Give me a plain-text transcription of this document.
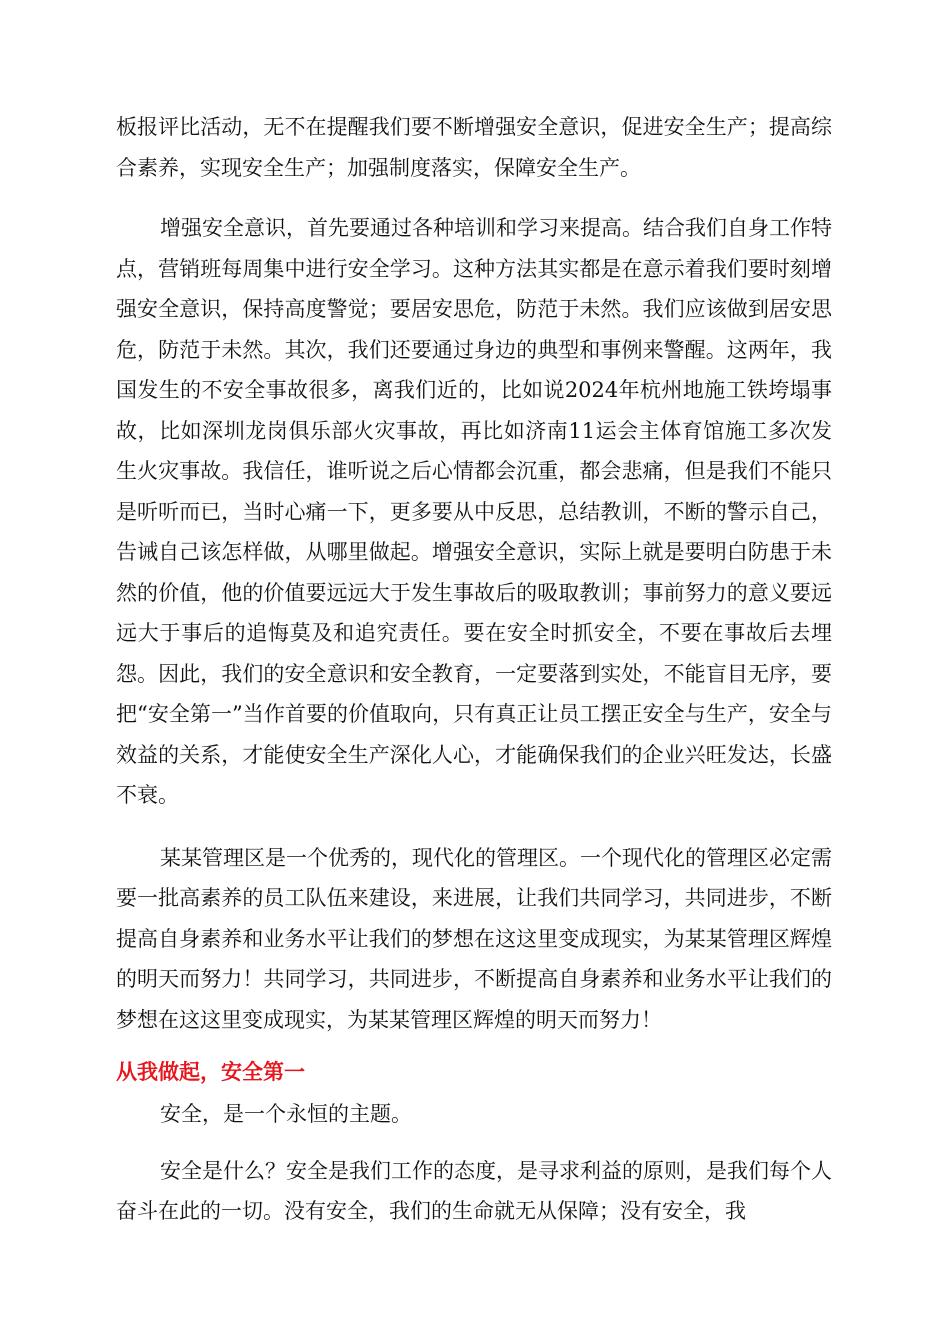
板报评比活动，无不在提醒我们要不断增强安全意识，促进安全生产；提高综合素养，实现安全生产；加强制度落实，保障安全生产。

增强安全意识，首先要通过各种培训和学习来提高。结合我们自身工作特点，营销班每周集中进行安全学习。这种方法其实都是在意示着我们要时刻增强安全意识，保持高度警觉；要居安思危，防范于未然。我们应该做到居安思危，防范于未然。其次，我们还要通过身边的典型和事例来警醒。这两年，我国发生的不安全事故很多，离我们近的，比如说2024年杭州地施工铁垮塌事故，比如深圳龙岗俱乐部火灾事故，再比如济南11运会主体育馆施工多次发生火灾事故。我信任，谁听说之后心情都会沉重，都会悲痛，但是我们不能只是听听而已，当时心痛一下，更多要从中反思，总结教训，不断的警示自己，告诫自己该怎样做，从哪里做起。增强安全意识，实际上就是要明白防患于未然的价值，他的价值要远远大于发生事故后的吸取教训；事前努力的意义要远远大于事后的追悔莫及和追究责任。要在安全时抓安全，不要在事故后去埋怨。因此，我们的安全意识和安全教育，一定要落到实处，不能盲目无序，要把“安全第一”当作首要的价值取向，只有真正让员工摆正安全与生产，安全与效益的关系，才能使安全生产深化人心，才能确保我们的企业兴旺发达，长盛不衰。

某某管理区是一个优秀的，现代化的管理区。一个现代化的管理区必定需要一批高素养的员工队伍来建设，来进展，让我们共同学习，共同进步，不断提高自身素养和业务水平让我们的梦想在这这里变成现实，为某某管理区辉煌的明天而努力！共同学习，共同进步，不断提高自身素养和业务水平让我们的梦想在这这里变成现实，为某某管理区辉煌的明天而努力！

从我做起，安全第一

安全，是一个永恒的主题。

安全是什么？安全是我们工作的态度，是寻求利益的原则，是我们每个人奋斗在此的一切。没有安全，我们的生命就无从保障；没有安全，我
